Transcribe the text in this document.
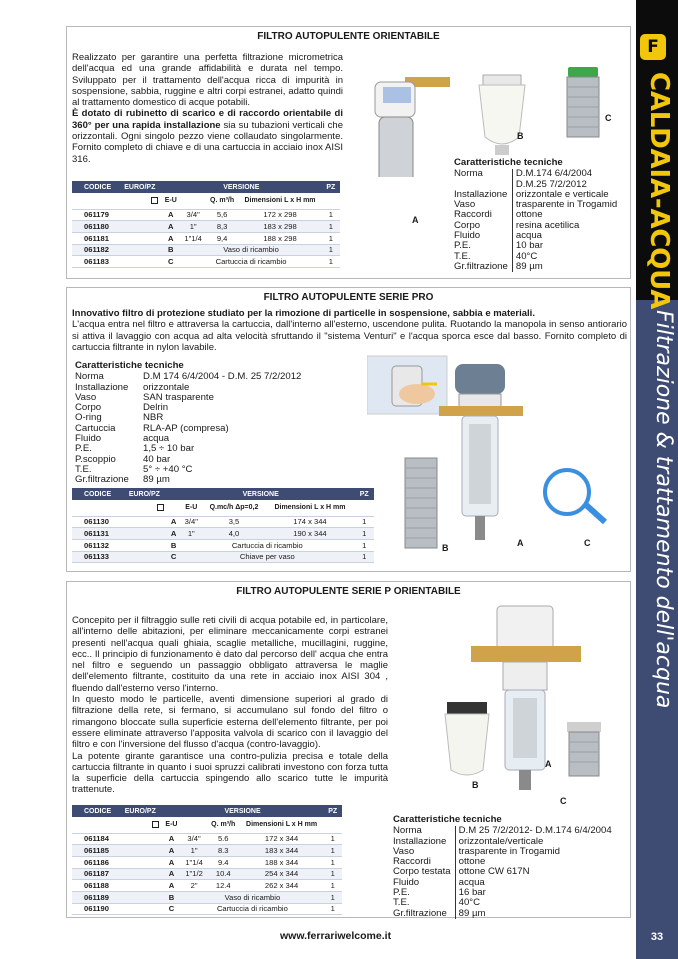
F
CALDAIA-ACQUA
Filtrazione & trattamento dell'acqua
33
FILTRO AUTOPULENTE ORIENTABILE
Realizzato per garantire una perfetta filtrazione micrometrica dell'acqua ed una grande affidabilità e durata nel tempo. Sviluppato per il trattamento dell'acqua ricca di impurità in sospensione, sabbia, ruggine e altri corpi estranei, adatto quindi al trattamento domestico di acque potabili.
È dotato di rubinetto di scarico e di raccordo orientabile di 360° per una rapida installazione sia su tubazioni verticali che orizzontali. Ogni singolo pezzo viene collaudato singolarmente. Fornito completo di chiave e di una cartuccia in acciaio inox AISI 316.
B
C
A
Caratteristiche tecniche
Norma	D.M.174 6/4/2004 D.M.25 7/2/2012
Installazione	orizzontale e verticale
Vaso	trasparente in Trogamid
Raccordi	ottone
Corpo	resina acetilica
Fluido	acqua
P.E.	10 bar
T.E.	40°C
Gr.filtrazione	89 µm
CODICE	EURO/PZ	VERSIONE				PZ
		E-U		Q. m³/h	Dimensioni L x H mm	
061179		A	3/4"	5,6	172 x 298	1
061180		A	1"	8,3	183 x 298	1
061181		A	1"1/4	9,4	188 x 298	1
061182		B	Vaso di ricambio			1
061183		C	Cartuccia di ricambio			1
FILTRO AUTOPULENTE SERIE PRO
Innovativo filtro di protezione studiato per la rimozione di particelle in sospensione, sabbia e materiali.
L'acqua entra nel filtro e attraversa la cartuccia, dall'interno all'esterno, uscendone pulita. Ruotando la manopola in senso antiorario si attiva il lavaggio con acqua ad alta velocità sfruttando il "sistema Venturi" e l'acqua sporca esce dal basso. Fornito completo di cartuccia filtrante in nylon lavabile.
Caratteristiche tecniche
Norma	D.M 174 6/4/2004 - D.M. 25 7/2/2012
Installazione	orizzontale
Vaso	SAN trasparente
Corpo	Delrin
O-ring	NBR
Cartuccia	RLA-AP (compresa)
Fluido	acqua
P.E.	1,5 ÷ 10 bar
P.scoppio	40 bar
T.E.	5° ÷ +40 °C
Gr.filtrazione	89 µm
B	A	C
CODICE	EURO/PZ	VERSIONE				PZ
			E-U	Q.mc/h Δp=0,2	Dimensioni L x H mm	
061130		A	3/4"	3,5	174 x 344	1
061131		A	1"	4,0	190 x 344	1
061132		B	Cartuccia di ricambio			1
061133		C	Chiave per vaso			1
FILTRO AUTOPULENTE SERIE P ORIENTABILE
Concepito per il filtraggio sulle reti civili di acqua potabile ed, in particolare, all'interno delle abitazioni, per eliminare meccanicamente corpi estranei presenti nell'acqua quali ghiaia, scaglie metalliche, mucillagini, ruggine, ecc.. Il principio di funzionamento è dato dal percorso dell' acqua che entra nel filtro e seguendo un passaggio obbligato attraversa le maglie dell'elemento filtrante, costituito da una rete in acciaio inox AISI 304 , fluendo dall'esterno verso l'interno.
In questo modo le particelle, aventi dimensione superiori al grado di filtrazione della rete, si fermano, si accumulano sul fondo del filtro o rimangono bloccate sulla superficie esterna dell'elemento filtrante, per poi essere eliminate attraverso l'apposita valvola di scarico con il lavaggio del filtro e con l'inversione del flusso d'acqua (contro-lavaggio).
La potente girante garantisce una contro-pulizia precisa e totale della cartuccia filtrante in quanto i suoi spruzzi calibrati investono con forza tutta la superficie della cartuccia spingendo allo scarico tutte le impurità trattenute.
A
B
C
CODICE	EURO/PZ	VERSIONE				PZ
		E-U		Q. m³/h	Dimensioni L x H mm	
061184		A	3/4"	5.6	172 x 344	1
061185		A	1"	8.3	183 x 344	1
061186		A	1"1/4	9.4	188 x 344	1
061187		A	1"1/2	10.4	254 x 344	1
061188		A	2"	12.4	262 x 344	1
061189		B	Vaso di ricambio			1
061190		C	Cartuccia di ricambio			1
Caratteristiche tecniche
Norma	D.M 25 7/2/2012- D.M.174 6/4/2004
Installazione	orizzontale/verticale
Vaso	trasparente in Trogamid
Raccordi	ottone
Corpo testata	ottone CW 617N
Fluido	acqua
P.E.	16 bar
T.E.	40°C
Gr.filtrazione	89 µm
www.ferrariwelcome.it
